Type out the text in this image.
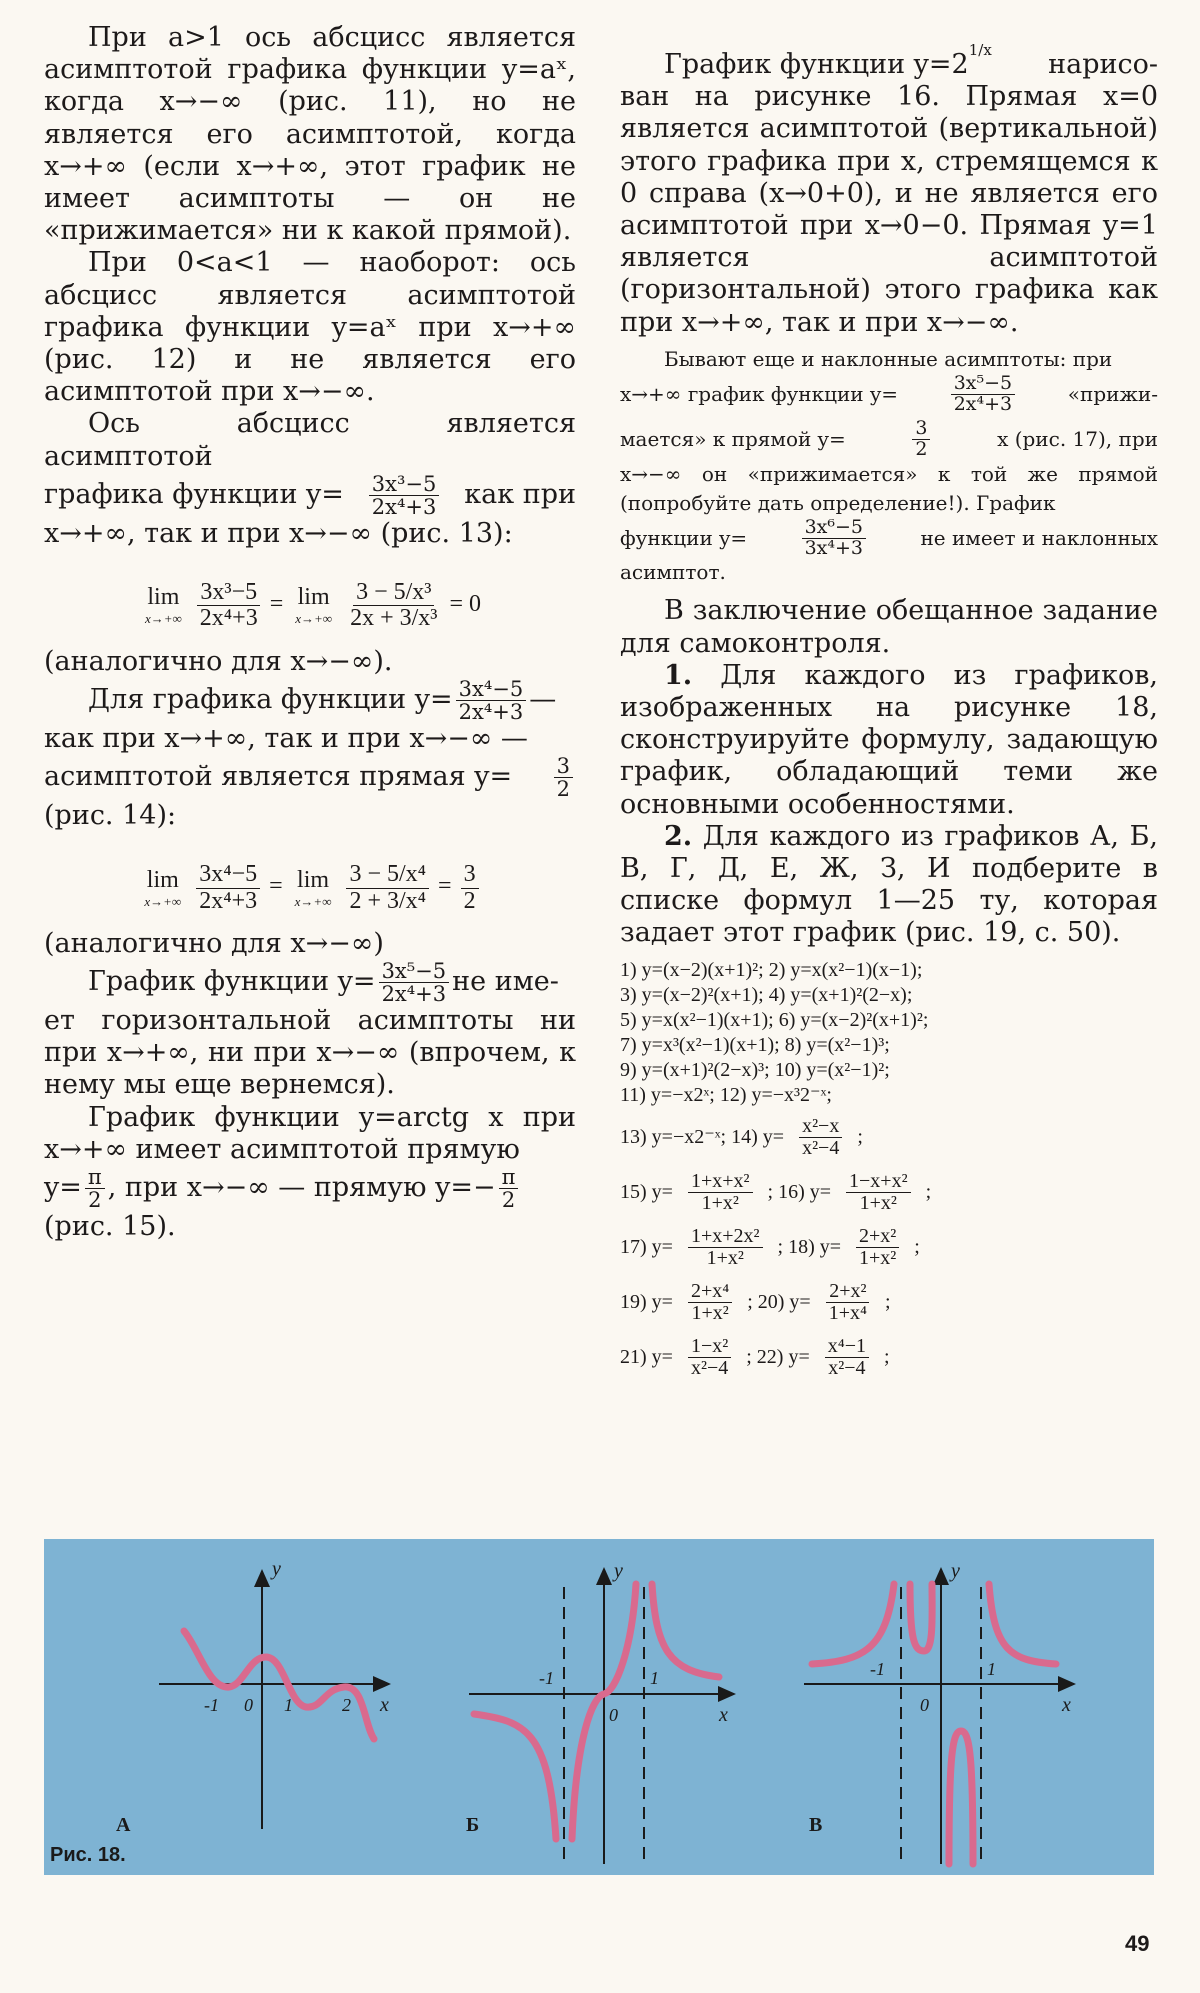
При a>1 ось абсцисс является асимптотой графика функции y=aˣ, когда x→−∞ (рис. 11), но не является его асимптотой, когда x→+∞ (если x→+∞, этот график не имеет асимптоты — он не «прижимается» ни к какой прямой).

При 0<a<1 — наоборот: ось абсцисс является асимптотой графика функции y=aˣ при x→+∞ (рис. 12) и не является его асимптотой при x→−∞.

Ось абсцисс является асимптотой

графика функции $y= \frac{\text{3x³−5}}{\text{2x⁴+3}}$ как при

x→+∞, так и при x→−∞ (рис. 13):

lim
x→+∞
$\frac{\text{3x³−5}}{\text{2x⁴+3}} = \lim$
x→+∞
$\frac{\text{3 − 5/x³}}{\text{2x + 3/x³}} = 0$

(аналогично для x→−∞).

Для графика функции $y= \frac{\text{3x⁴−5}}{\text{2x⁴+3}}$ —

как при x→+∞, так и при x→−∞ —

асимптотой является прямая $y= \frac{3}{2}$

(рис. 14):

lim
x→+∞
$\frac{\text{3x⁴−5}}{\text{2x⁴+3}} = \lim$
x→+∞
$\frac{\text{3 − 5/x⁴}}{\text{2 + 3/x⁴}} = \frac{3}{2}$

(аналогично для x→−∞)

График функции $y= \frac{\text{3x⁵−5}}{\text{2x⁴+3}}$ не име-

ет горизонтальной асимптоты ни при x→+∞, ни при x→−∞ (впрочем, к нему мы еще вернемся).

График функции y=arctg x при x→+∞ имеет асимптотой прямую

$y= \frac{\pi}{2}$ , при x→−∞ — прямую $y=- \frac{\pi}{2}$

(рис. 15).

График функции $y=2^{1/x}$ нарисо-

ван на рисунке 16. Прямая x=0 является асимптотой (вертикальной) этого графика при x, стремящемся к 0 справа (x→0+0), и не является его асимптотой при x→0−0. Прямая y=1 является асимптотой (горизонтальной) этого графика как при x→+∞, так и при x→−∞.

Бывают еще и наклонные асимптоты: при

x→+∞ график функции y=	$\frac{\text{3x⁵−5}}{\text{2x⁴+3}}$	«прижи-
мается» к прямой y=	$\frac{3}{2}$	x (рис. 17), при

x→−∞ он «прижимается» к той же прямой (попробуйте дать определение!). График

функции y=	$\frac{\text{3x⁶−5}}{\text{3x⁴+3}}$	не имеет и наклонных

асимптот.

В заключение обещанное задание для самоконтроля.

1. Для каждого из графиков, изображенных на рисунке 18, сконструируйте формулу, задающую график, обладающий теми же основными особенностями.

2. Для каждого из графиков А, Б, В, Г, Д, Е, Ж, З, И подберите в списке формул 1—25 ту, которая задает этот график (рис. 19, с. 50).

1) y=(x−2)(x+1)²; 2) y=x(x²−1)(x−1);

3) y=(x−2)²(x+1); 4) y=(x+1)²(2−x);

5) y=x(x²−1)(x+1); 6) y=(x−2)²(x+1)²;

7) y=x³(x²−1)(x+1); 8) y=(x²−1)³;

9) y=(x+1)²(2−x)³; 10) y=(x²−1)²;

11) y=−x2ˣ; 12) y=−x³2⁻ˣ;

13) y=−x2⁻ˣ; 14) $y= \frac{\text{x²−x}}{\text{x²−4}}$ ;
15) $y= \frac{\text{1+x+x²}}{\text{1+x²}}$ ; 16) $y= \frac{\text{1−x+x²}}{\text{1+x²}}$ ;
17) $y= \frac{\text{1+x+2x²}}{\text{1+x²}}$ ; 18) $y= \frac{\text{2+x²}}{\text{1+x²}}$ ;
19) $y= \frac{\text{2+x⁴}}{\text{1+x²}}$ ; 20) $y= \frac{\text{2+x²}}{\text{1+x⁴}}$ ;
21) $y= \frac{\text{1−x²}}{\text{x²−4}}$ ; 22) $y= \frac{\text{x⁴−1}}{\text{x²−4}}$ ;
y
x
-1 0 1	2
А
y
x
-1
0
1
Б
y
x
-1
0
1
В
Рис. 18.
49
